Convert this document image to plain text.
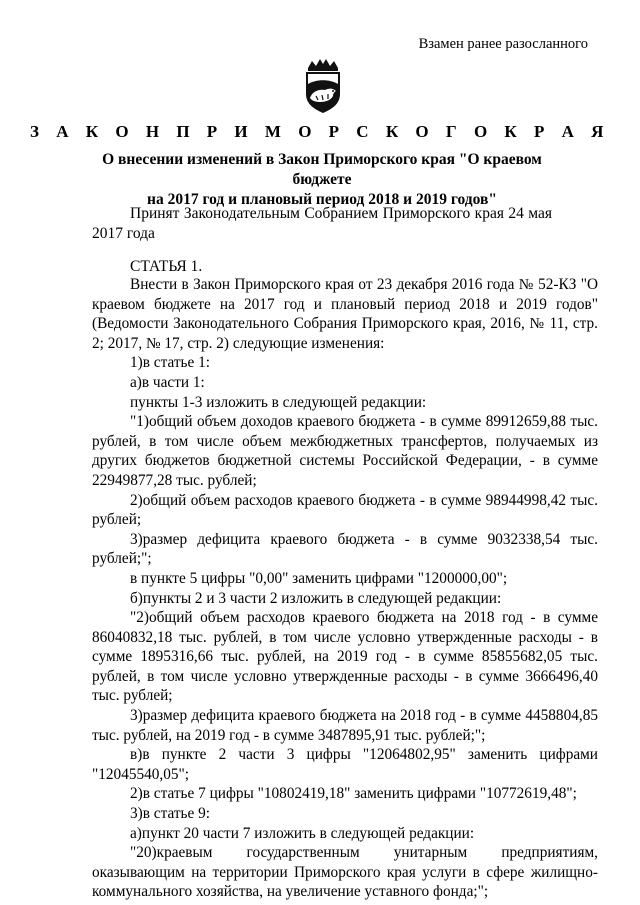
Взамен ранее разосланного
З А К О Н П Р И М О Р С К О Г О К Р А Я
О внесении изменений в Закон Приморского края "О краевом бюджете
на 2017 год и плановый период 2018 и 2019 годов"
Принят Законодательным Собранием Приморского края 24 мая 2017 года
СТАТЬЯ 1.

Внести в Закон Приморского края от 23 декабря 2016 года № 52-КЗ "О краевом бюджете на 2017 год и плановый период 2018 и 2019 годов" (Ведомости Законодательного Собрания Приморского края, 2016, № 11, стр. 2; 2017, № 17, стр. 2) следующие изменения:

1)в статье 1:

а)в части 1:

пункты 1-3 изложить в следующей редакции:

"1)общий объем доходов краевого бюджета - в сумме 89912659,88 тыс. рублей, в том числе объем межбюджетных трансфертов, получаемых из других бюджетов бюджетной системы Российской Федерации, - в сумме 22949877,28 тыс. рублей;

2)общий объем расходов краевого бюджета - в сумме 98944998,42 тыс. рублей;

3)размер дефицита краевого бюджета - в сумме 9032338,54 тыс. рублей;";

в пункте 5 цифры "0,00" заменить цифрами "1200000,00";

б)пункты 2 и 3 части 2 изложить в следующей редакции:

"2)общий объем расходов краевого бюджета на 2018 год - в сумме 86040832,18 тыс. рублей, в том числе условно утвержденные расходы - в сумме 1895316,66 тыс. рублей, на 2019 год - в сумме 85855682,05 тыс. рублей, в том числе условно утвержденные расходы - в сумме 3666496,40 тыс. рублей;

3)размер дефицита краевого бюджета на 2018 год - в сумме 4458804,85 тыс. рублей, на 2019 год - в сумме 3487895,91 тыс. рублей;";

в)в пункте 2 части 3 цифры "12064802,95" заменить цифрами "12045540,05";

2)в статье 7 цифры "10802419,18" заменить цифрами "10772619,48";

3)в статье 9:

а)пункт 20 части 7 изложить в следующей редакции:

"20)краевым государственным унитарным предприятиям, оказывающим на территории Приморского края услуги в сфере жилищно-коммунального хозяйства, на увеличение уставного фонда;";
